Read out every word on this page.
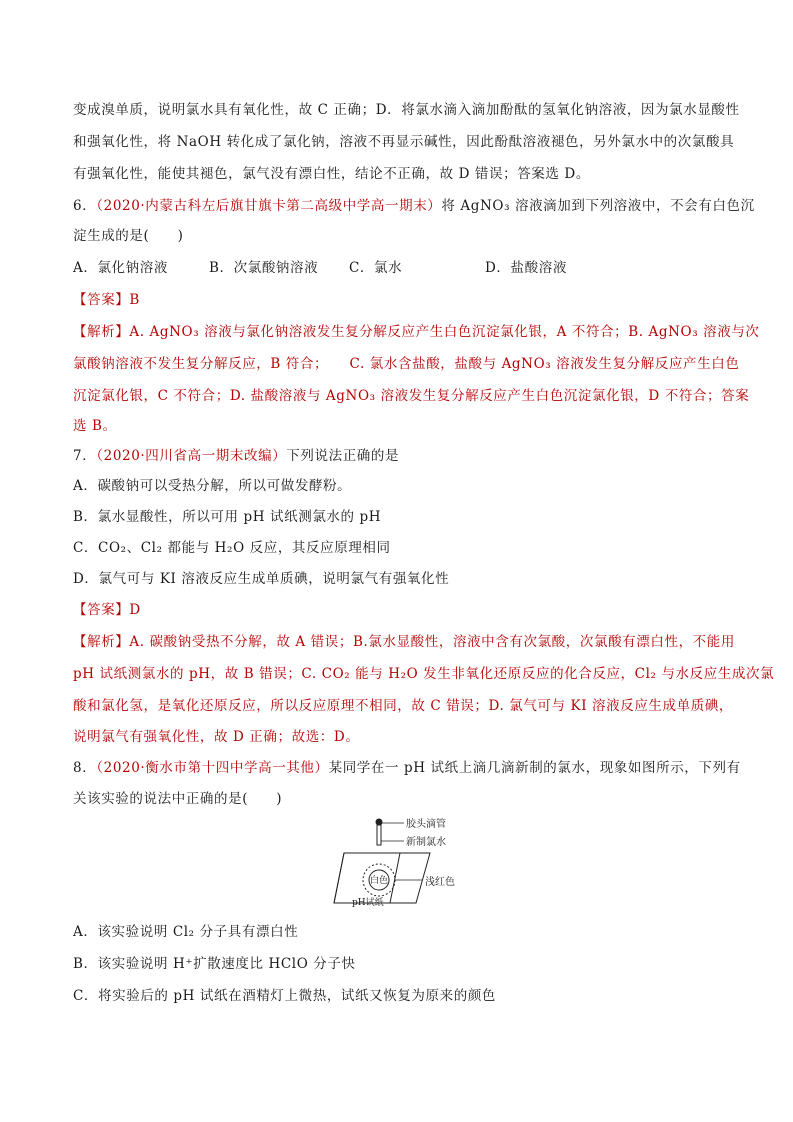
变成溴单质，说明氯水具有氧化性，故 C 正确；D．将氯水滴入滴加酚酞的氢氧化钠溶液，因为氯水显酸性
和强氧化性，将 NaOH 转化成了氯化钠，溶液不再显示碱性，因此酚酞溶液褪色，另外氯水中的次氯酸具
有强氧化性，能使其褪色，氯气没有漂白性，结论不正确，故 D 错误；答案选 D。
6．（2020·内蒙古科左后旗甘旗卡第二高级中学高一期末）将 AgNO₃ 溶液滴加到下列溶液中，不会有白色沉
淀生成的是(　　)
A．氯化钠溶液	B．次氯酸钠溶液 C．氯水	D．盐酸溶液
【答案】B
【解析】A. AgNO₃ 溶液与氯化钠溶液发生复分解反应产生白色沉淀氯化银，A 不符合；B. AgNO₃ 溶液与次
氯酸钠溶液不发生复分解反应，B 符合；　　C. 氯水含盐酸，盐酸与 AgNO₃ 溶液发生复分解反应产生白色
沉淀氯化银，C 不符合；D. 盐酸溶液与 AgNO₃ 溶液发生复分解反应产生白色沉淀氯化银，D 不符合；答案
选 B。
7．（2020·四川省高一期末改编）下列说法正确的是
A．碳酸钠可以受热分解，所以可做发酵粉。
B．氯水显酸性，所以可用 pH 试纸测氯水的 pH
C．CO₂、Cl₂ 都能与 H₂O 反应，其反应原理相同
D．氯气可与 KI 溶液反应生成单质碘，说明氯气有强氧化性
【答案】D
【解析】A. 碳酸钠受热不分解，故 A 错误；B.氯水显酸性，溶液中含有次氯酸，次氯酸有漂白性，不能用
pH 试纸测氯水的 pH，故 B 错误；C. CO₂ 能与 H₂O 发生非氧化还原反应的化合反应，Cl₂ 与水反应生成次氯
酸和氯化氢，是氧化还原反应，所以反应原理不相同，故 C 错误；D. 氯气可与 KI 溶液反应生成单质碘，
说明氯气有强氧化性，故 D 正确；故选：D。
8．（2020·衡水市第十四中学高一其他）某同学在一 pH 试纸上滴几滴新制的氯水，现象如图所示，下列有
关该实验的说法中正确的是(　　)
胶头滴管
新制氯水
白色	浅红色
pH试纸
A．该实验说明 Cl₂ 分子具有漂白性
B．该实验说明 H⁺扩散速度比 HClO 分子快
C．将实验后的 pH 试纸在酒精灯上微热，试纸又恢复为原来的颜色
